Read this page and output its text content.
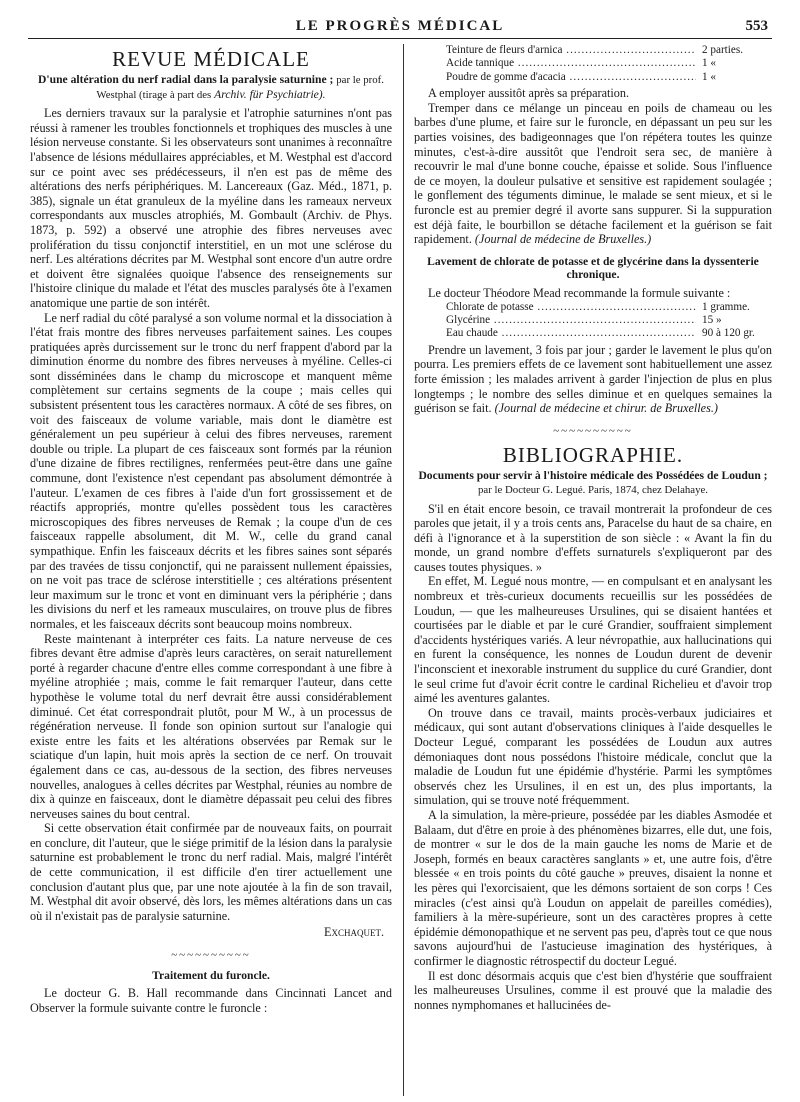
LE PROGRÈS MÉDICAL	553
REVUE MÉDICALE
D'une altération du nerf radial dans la paralysie saturnine ; par le prof. Westphal (tirage à part des Archiv. für Psychiatrie).

Les derniers travaux sur la paralysie et l'atrophie saturnines n'ont pas réussi à ramener les troubles fonctionnels et trophiques des muscles à une lésion nerveuse constante. Si les observateurs sont unanimes à reconnaître l'absence de lésions médullaires appréciables, et M. Westphal est d'accord sur ce point avec ses prédécesseurs, il n'en est pas de même des altérations des nerfs périphériques. M. Lancereaux (Gaz. Méd., 1871, p. 385), signale un état granuleux de la myéline dans les rameaux nerveux correspondants aux muscles atrophiés, M. Gombault (Archiv. de Phys. 1873, p. 592) a observé une atrophie des fibres nerveuses avec prolifération du tissu conjonctif interstitiel, en un mot une sclérose du nerf. Les altérations décrites par M. Westphal sont encore d'un autre ordre et doivent être signalées quoique l'absence des renseignements sur l'histoire clinique du malade et l'état des muscles paralysés ôte à l'examen anatomique une partie de son intérêt.

Le nerf radial du côté paralysé a son volume normal et la dissociation à l'état frais montre des fibres nerveuses parfaitement saines. Les coupes pratiquées après durcissement sur le tronc du nerf frappent d'abord par la diminution énorme du nombre des fibres nerveuses à myéline. Celles-ci sont disséminées dans le champ du microscope et manquent même complètement sur certains segments de la coupe ; mais celles qui subsistent présentent tous les caractères normaux. A côté de ses fibres, on voit des faisceaux de volume variable, mais dont le diamètre est généralement un peu supérieur à celui des fibres nerveuses, rarement double ou triple. La plupart de ces faisceaux sont formés par la réunion d'une dizaine de fibres rectilignes, renfermées peut-être dans une gaîne commune, dont l'existence n'est cependant pas absolument démontrée à l'auteur. L'examen de ces fibres à l'aide d'un fort grossissement et de réactifs appropriés, montre qu'elles possèdent tous les caractères microscopiques des fibres nerveuses de Remak ; la coupe d'un de ces faisceaux rappelle absolument, dit M. W., celle du grand canal sympathique. Enfin les faisceaux décrits et les fibres saines sont séparés par des travées de tissu conjonctif, qui ne paraissent nullement épaissies, on ne voit pas trace de sclérose interstitielle ; ces altérations présentent leur maximum sur le tronc et vont en diminuant vers la périphérie ; dans les divisions du nerf et les rameaux musculaires, on trouve plus de fibres normales, et les faisceaux décrits sont beaucoup moins nombreux.

Reste maintenant à interpréter ces faits. La nature nerveuse de ces fibres devant être admise d'après leurs caractères, on serait naturellement porté à regarder chacune d'entre elles comme correspondant à une fibre à myéline atrophiée ; mais, comme le fait remarquer l'auteur, dans cette hypothèse le volume total du nerf devrait être aussi considérablement diminué. Cet état correspondrait plutôt, pour M W., à un processus de régénération nerveuse. Il fonde son opinion surtout sur l'analogie qui existe entre les faits et les altérations observées par Remak sur le sciatique d'un lapin, huit mois après la section de ce nerf. On trouvait également dans ce cas, au-dessous de la section, des fibres nerveuses nouvelles, analogues à celles décrites par Westphal, réunies au nombre de dix à quinze en faisceaux, dont le diamètre dépassait peu celui des fibres nerveuses saines du bout central.

Si cette observation était confirmée par de nouveaux faits, on pourrait en conclure, dit l'auteur, que le siége primitif de la lésion dans la paralysie saturnine est probablement le tronc du nerf radial. Mais, malgré l'intérêt de cette communication, il est difficile d'en tirer actuellement une conclusion d'autant plus que, par une note ajoutée à la fin de son travail, M. Westphal dit avoir observé, dès lors, les mêmes altérations dans un cas où il n'existait pas de paralysie saturnine.

Exchaquet.
~~~~~~~~~~
Traitement du furoncle.

Le docteur G. B. Hall recommande dans Cincinnati Lancet and Observer la formule suivante contre le furoncle :

Teinture de fleurs d'arnica .....	2 parties.
Acide tannique .....	1 «
Poudre de gomme d'acacia .....	1 «

A employer aussitôt après sa préparation.

Tremper dans ce mélange un pinceau en poils de chameau ou les barbes d'une plume, et faire sur le furoncle, en dépassant un peu sur les parties voisines, des badigeonnages que l'on répétera toutes les quinze minutes, c'est-à-dire aussitôt que l'endroit sera sec, de manière à recouvrir le mal d'une bonne couche, épaisse et solide. Sous l'influence de ce moyen, la douleur pulsative et sensitive est rapidement soulagée ; le gonflement des téguments diminue, le malade se sent mieux, et si le furoncle est au premier degré il avorte sans suppurer. Si la suppuration est déjà faite, le bourbillon se détache facilement et la guérison se fait rapidement. (Journal de médecine de Bruxelles.)

Lavement de chlorate de potasse et de glycérine dans la dyssenterie chronique.

Le docteur Théodore Mead recommande la formule suivante :

Chlorate de potasse .....	1 gramme.
Glycérine .....	15 »
Eau chaude .....	90 à 120 gr.

Prendre un lavement, 3 fois par jour ; garder le lavement le plus qu'on pourra. Les premiers effets de ce lavement sont habituellement une assez forte émission ; les malades arrivent à garder l'injection de plus en plus longtemps ; le nombre des selles diminue et en quelques semaines la guérison se fait. (Journal de médecine et chirur. de Bruxelles.)

~~~~~~~~~~
BIBLIOGRAPHIE.
Documents pour servir à l'histoire médicale des Possédées de Loudun ; par le Docteur G. Legué. Paris, 1874, chez Delahaye.

S'il en était encore besoin, ce travail montrerait la profondeur de ces paroles que jetait, il y a trois cents ans, Paracelse du haut de sa chaire, en défi à l'ignorance et à la superstition de son siècle : « Avant la fin du monde, un grand nombre d'effets surnaturels s'expliqueront par des causes toutes physiques. »

En effet, M. Legué nous montre, — en compulsant et en analysant les nombreux et très-curieux documents recueillis sur les possédées de Loudun, — que les malheureuses Ursulines, qui se disaient hantées et courtisées par le diable et par le curé Grandier, souffraient simplement d'accidents hystériques variés. A leur névropathie, aux hallucinations qui en furent la conséquence, les nonnes de Loudun durent de devenir l'inconscient et inexorable instrument du supplice du curé Grandier, dont le seul crime fut d'avoir écrit contre le cardinal Richelieu et d'avoir trop aimé les aventures galantes.

On trouve dans ce travail, maints procès-verbaux judiciaires et médicaux, qui sont autant d'observations cliniques à l'aide desquelles le Docteur Legué, comparant les possédées de Loudun aux autres démoniaques dont nous possédons l'histoire médicale, conclut que la maladie de Loudun fut une épidémie d'hystérie. Parmi les symptômes observés chez les Ursulines, il en est un, des plus importants, la simulation, qui se trouve noté fréquemment.

A la simulation, la mère-prieure, possédée par les diables Asmodée et Balaam, dut d'être en proie à des phénomènes bizarres, elle dut, une fois, de montrer « sur le dos de la main gauche les noms de Marie et de Joseph, formés en beaux caractères sanglants » et, une autre fois, d'être blessée « en trois points du côté gauche » preuves, disaient la nonne et les pères qui l'exorcisaient, que les démons sortaient de son corps ! Ces miracles (c'est ainsi qu'à Loudun on appelait de pareilles comédies), familiers à la mère-supérieure, sont un des caractères propres à cette épidémie démonopathique et ne servent pas peu, d'après tout ce que nous savons aujourd'hui de l'astucieuse imagination des hystériques, à confirmer le diagnostic rétrospectif du docteur Legué.

Il est donc désormais acquis que c'est bien d'hystérie que souffraient les malheureuses Ursulines, comme il est prouvé que la maladie des nonnes nymphomanes et hallucinées de-
